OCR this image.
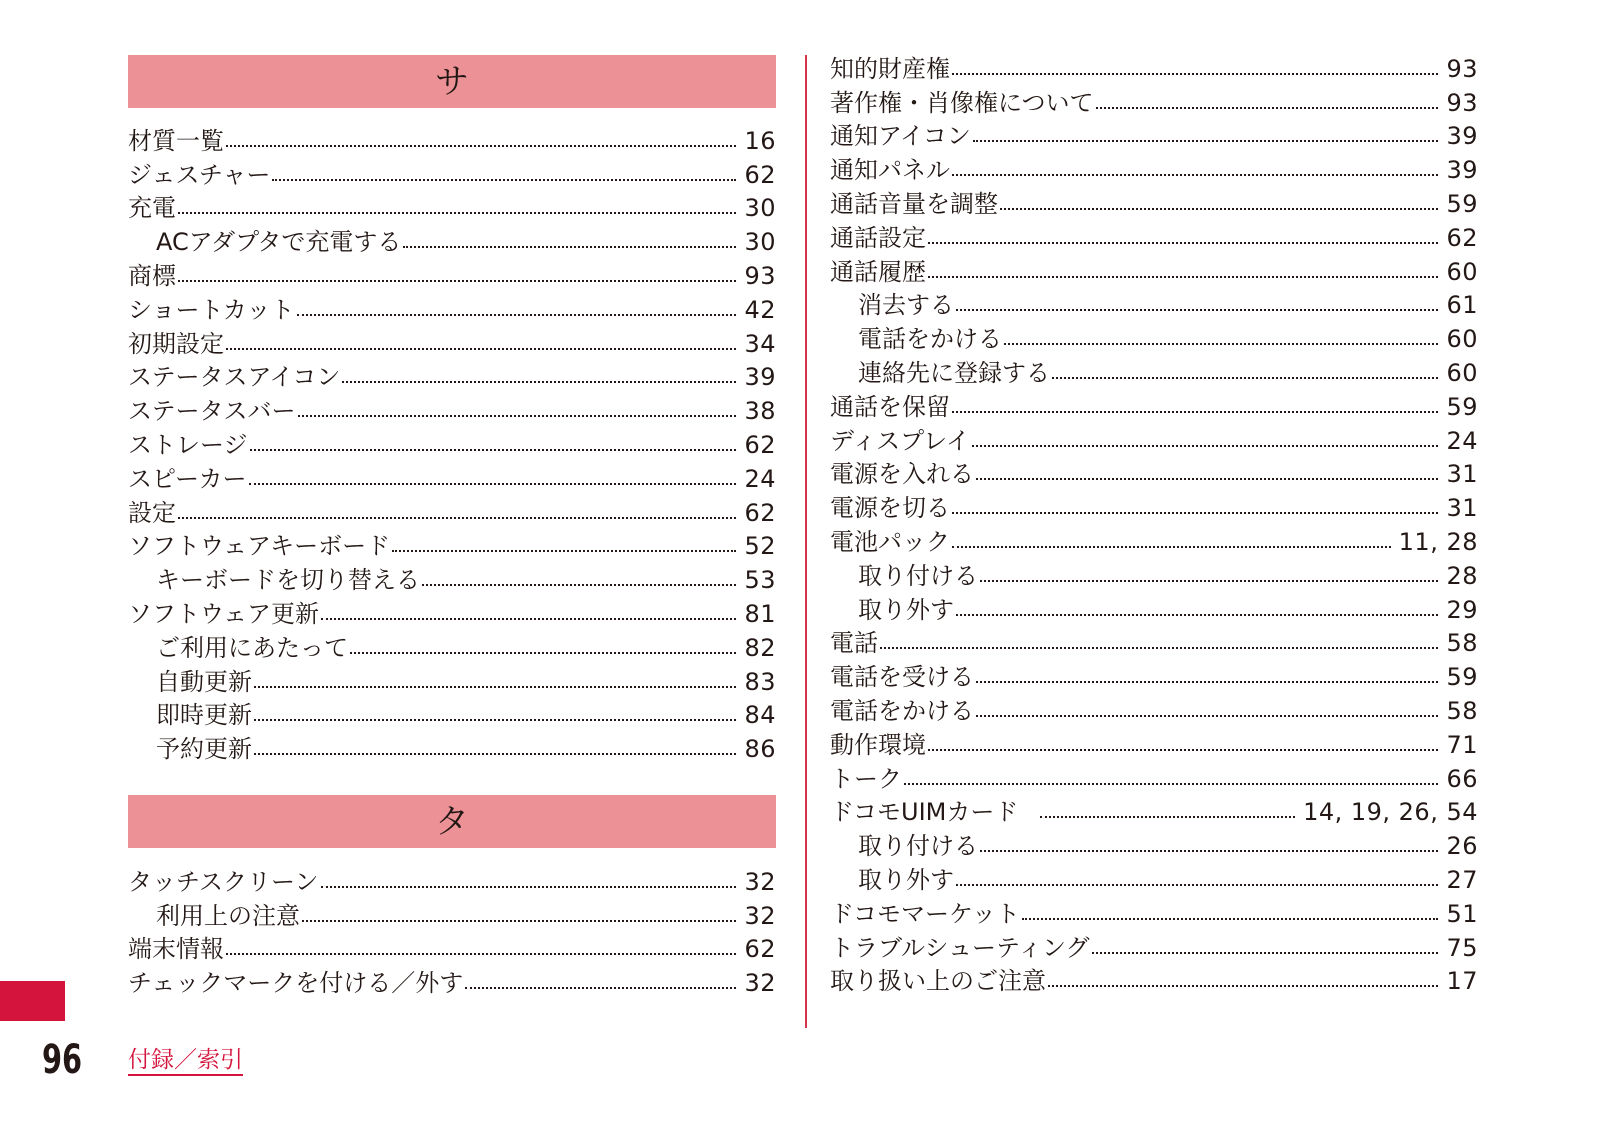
サ
材質一覧	16
ジェスチャー	62
充電	30
ACアダプタで充電する	30
商標	93
ショートカット	42
初期設定	34
ステータスアイコン	39
ステータスバー	38
ストレージ	62
スピーカー	24
設定	62
ソフトウェアキーボード	52
キーボードを切り替える	53
ソフトウェア更新	81
ご利用にあたって	82
自動更新	83
即時更新	84
予約更新	86
タ
タッチスクリーン	32
利用上の注意	32
端末情報	62
チェックマークを付ける／外す	32
知的財産権	93
著作権・肖像権について	93
通知アイコン	39
通知パネル	39
通話音量を調整	59
通話設定	62
通話履歴	60
消去する	61
電話をかける	60
連絡先に登録する	60
通話を保留	59
ディスプレイ	24
電源を入れる	31
電源を切る	31
電池パック	11, 28
取り付ける	28
取り外す	29
電話	58
電話を受ける	59
電話をかける	58
動作環境	71
トーク	66
ドコモUIMカード	14, 19, 26, 54
取り付ける	26
取り外す	27
ドコモマーケット	51
トラブルシューティング	75
取り扱い上のご注意	17
96 付録／索引
